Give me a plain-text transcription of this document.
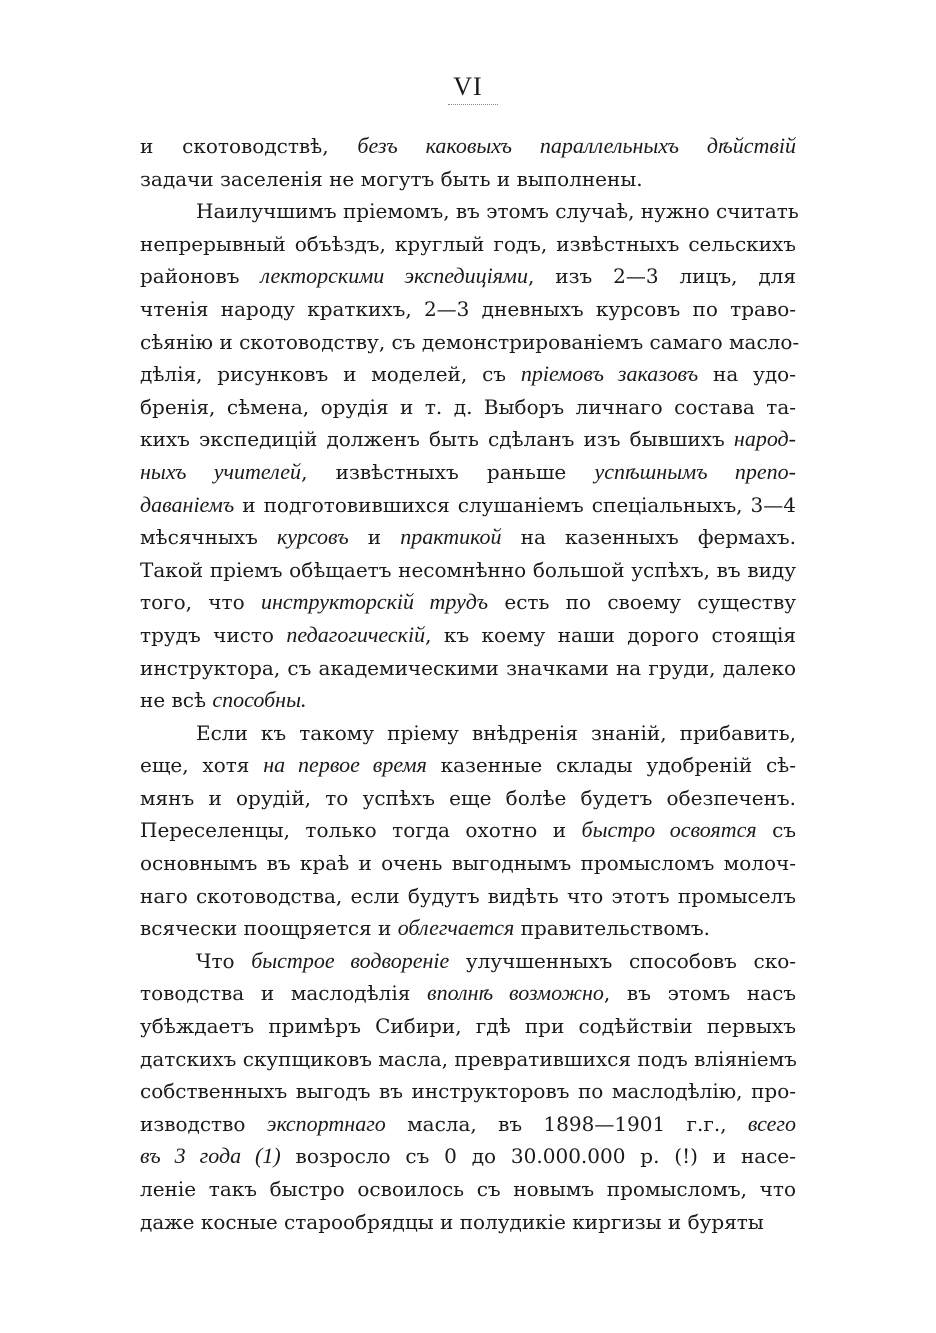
VI
и скотоводствѣ, безъ каковыхъ параллельныхъ дѣйствій
задачи заселенія не могутъ быть и выполнены.
Наилучшимъ пріемомъ, въ этомъ случаѣ, нужно считать
непрерывный объѣздъ, круглый годъ, извѣстныхъ сельскихъ
районовъ лекторскими экспедиціями, изъ 2—3 лицъ, для
чтенія народу краткихъ, 2—3 дневныхъ курсовъ по траво-
сѣянію и скотоводству, съ демонстрированіемъ самаго масло-
дѣлія, рисунковъ и моделей, съ пріемовъ заказовъ на удо-
бренія, сѣмена, орудія и т. д. Выборъ личнаго состава та-
кихъ экспедицій долженъ быть сдѣланъ изъ бывшихъ народ-
ныхъ учителей, извѣстныхъ раньше успѣшнымъ препо-
даваніемъ и подготовившихся слушаніемъ спеціальныхъ, 3—4
мѣсячныхъ курсовъ и практикой на казенныхъ фермахъ.
Такой пріемъ обѣщаетъ несомнѣнно большой успѣхъ, въ виду
того, что инструкторскій трудъ есть по своему существу
трудъ чисто педагогическій, къ коему наши дорого стоящія
инструктора, съ академическими значками на груди, далеко
не всѣ способны.
Если къ такому пріему внѣдренія знаній, прибавить,
еще, хотя на первое время казенные склады удобреній сѣ-
мянъ и орудій, то успѣхъ еще болѣе будетъ обезпеченъ.
Переселенцы, только тогда охотно и быстро освоятся съ
основнымъ въ краѣ и очень выгоднымъ промысломъ молоч-
наго скотоводства, если будутъ видѣть что этотъ промыселъ
всячески поощряется и облегчается правительствомъ.
Что быстрое водвореніе улучшенныхъ способовъ ско-
товодства и маслодѣлія вполнѣ возможно, въ этомъ насъ
убѣждаетъ примѣръ Сибири, гдѣ при содѣйствіи первыхъ
датскихъ скупщиковъ масла, превратившихся подъ вліяніемъ
собственныхъ выгодъ въ инструкторовъ по маслодѣлію, про-
изводство экспортнаго масла, въ 1898—1901 г.г., всего
въ 3 года (1) возросло съ 0 до 30.000.000 р. (!) и насе-
леніе такъ быстро освоилось съ новымъ промысломъ, что
даже косные старообрядцы и полудикіе киргизы и буряты
